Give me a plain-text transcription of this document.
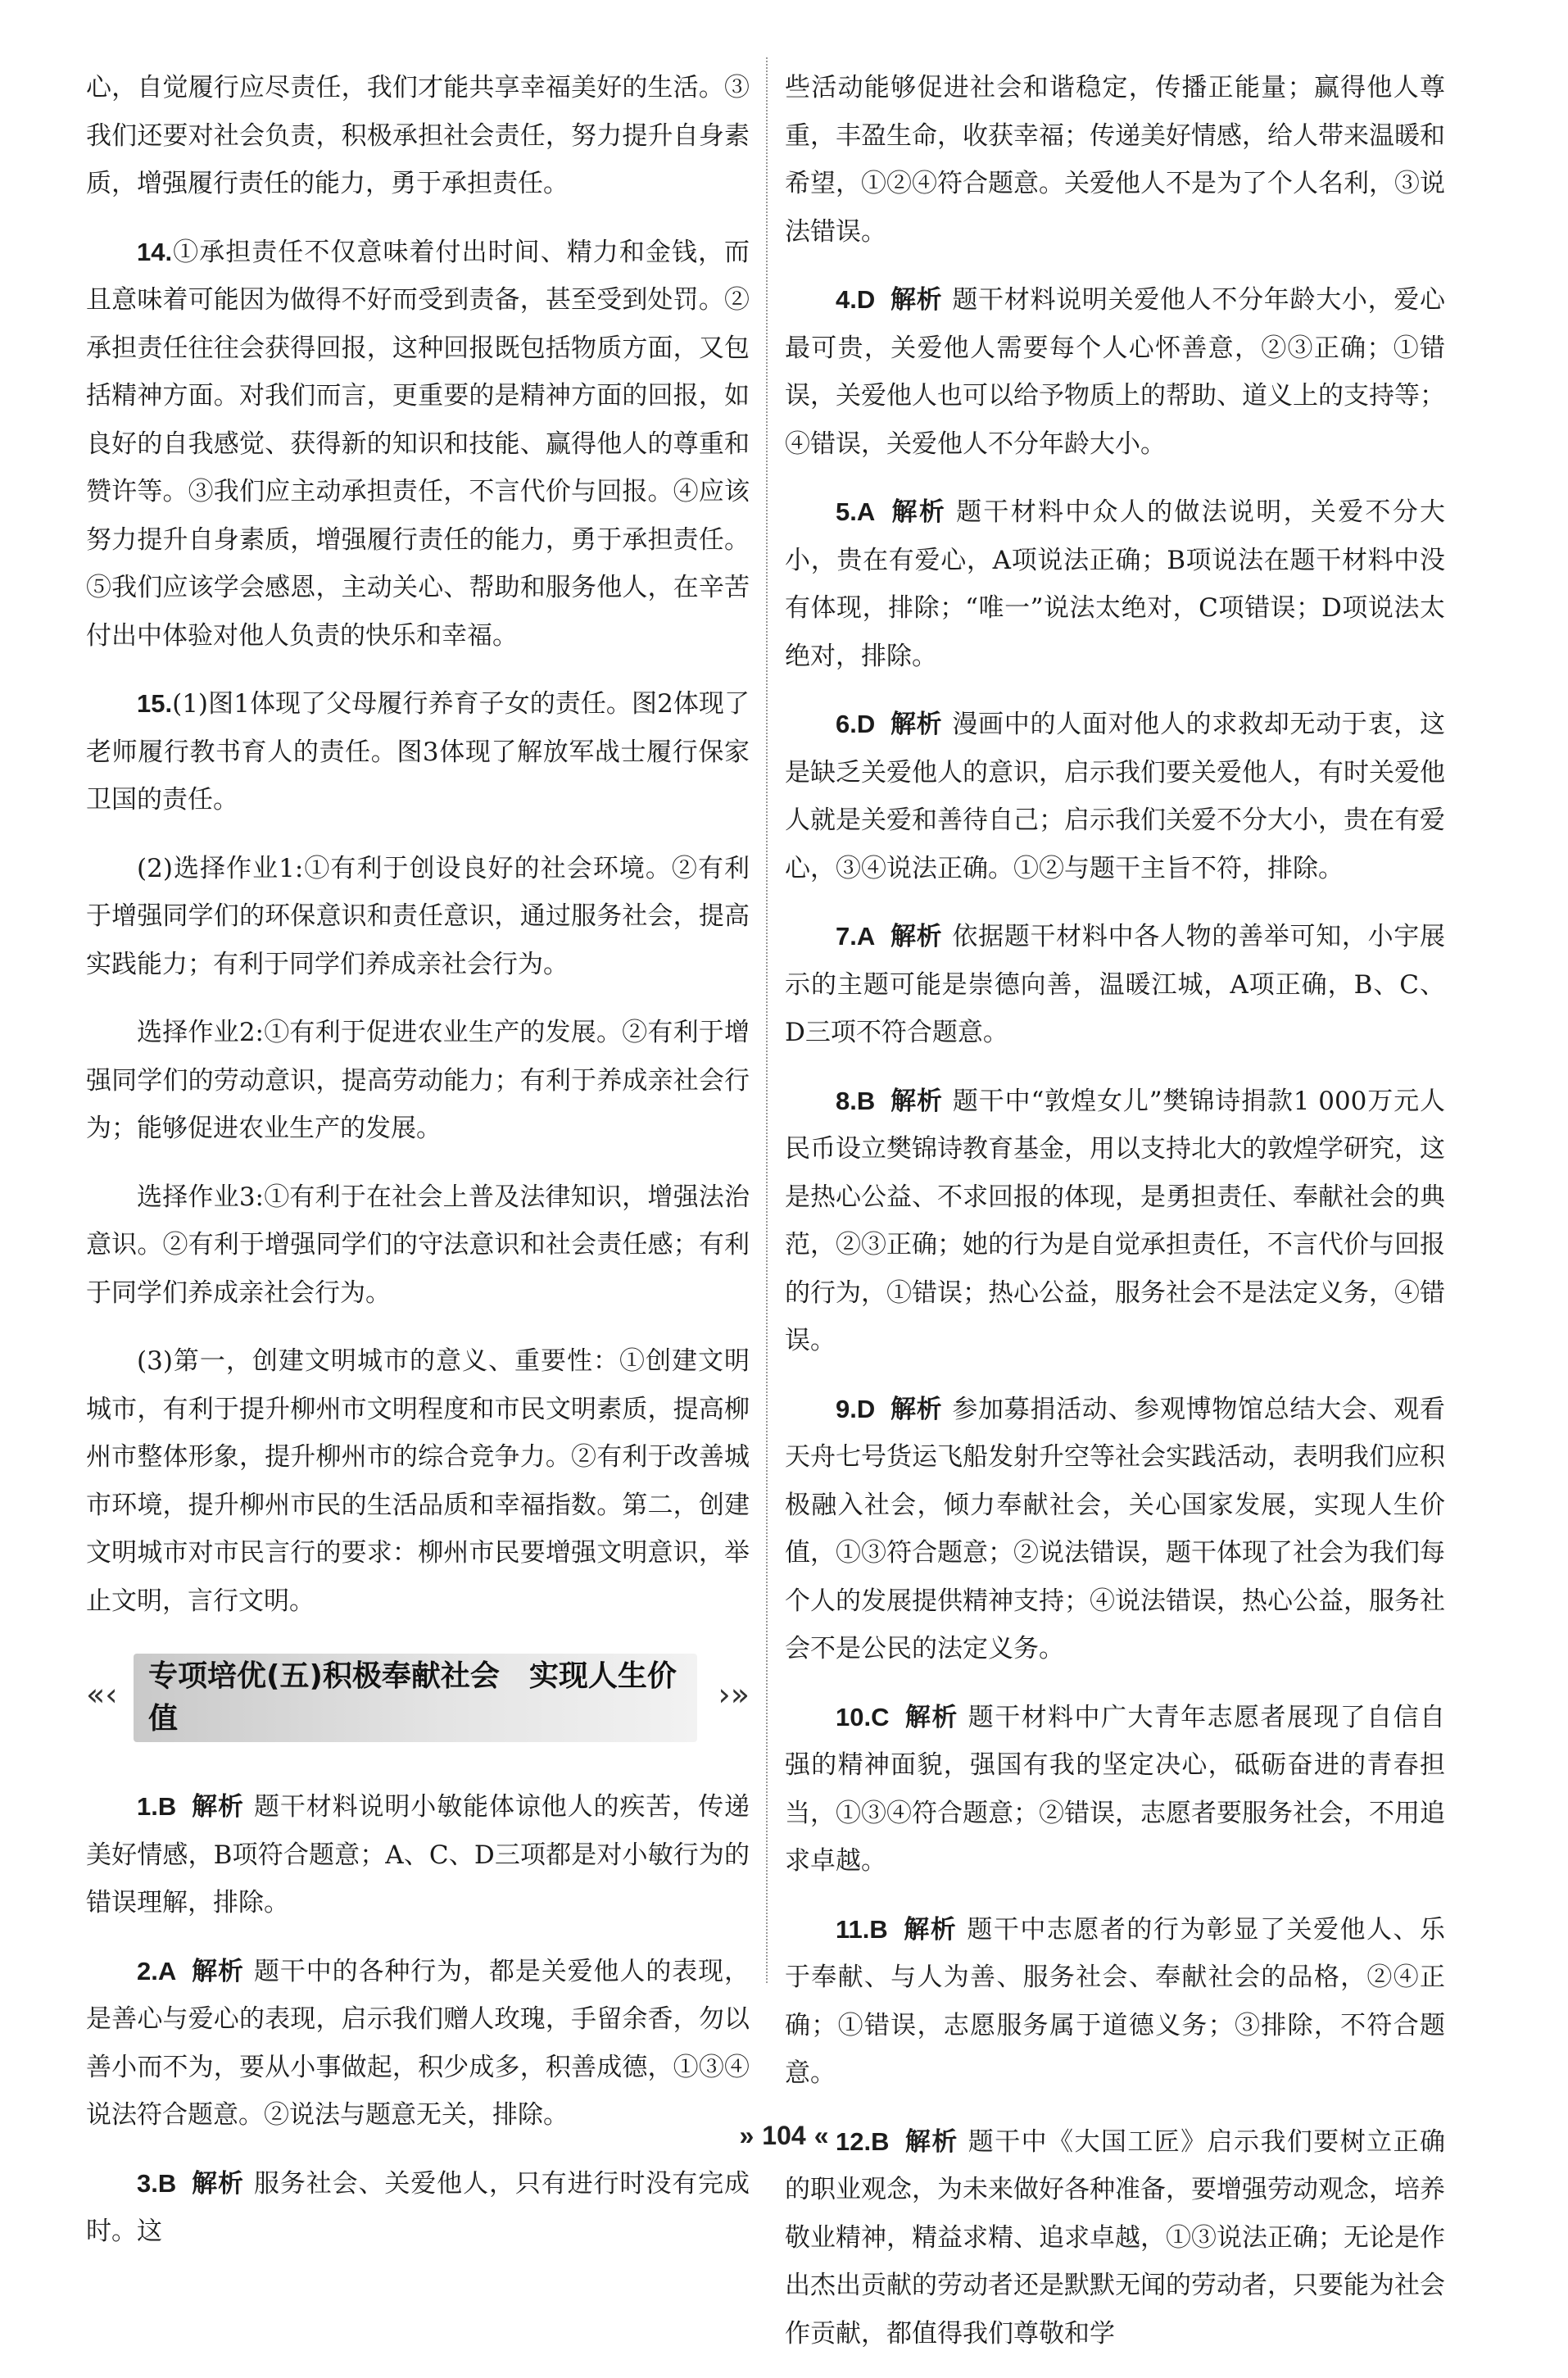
心，自觉履行应尽责任，我们才能共享幸福美好的生活。③我们还要对社会负责，积极承担社会责任，努力提升自身素质，增强履行责任的能力，勇于承担责任。

14.①承担责任不仅意味着付出时间、精力和金钱，而且意味着可能因为做得不好而受到责备，甚至受到处罚。②承担责任往往会获得回报，这种回报既包括物质方面，又包括精神方面。对我们而言，更重要的是精神方面的回报，如良好的自我感觉、获得新的知识和技能、赢得他人的尊重和赞许等。③我们应主动承担责任，不言代价与回报。④应该努力提升自身素质，增强履行责任的能力，勇于承担责任。⑤我们应该学会感恩，主动关心、帮助和服务他人，在辛苦付出中体验对他人负责的快乐和幸福。

15.(1)图1体现了父母履行养育子女的责任。图2体现了老师履行教书育人的责任。图3体现了解放军战士履行保家卫国的责任。

(2)选择作业1:①有利于创设良好的社会环境。②有利于增强同学们的环保意识和责任意识，通过服务社会，提高实践能力；有利于同学们养成亲社会行为。

选择作业2:①有利于促进农业生产的发展。②有利于增强同学们的劳动意识，提高劳动能力；有利于养成亲社会行为；能够促进农业生产的发展。

选择作业3:①有利于在社会上普及法律知识，增强法治意识。②有利于增强同学们的守法意识和社会责任感；有利于同学们养成亲社会行为。

(3)第一，创建文明城市的意义、重要性：①创建文明城市，有利于提升柳州市文明程度和市民文明素质，提高柳州市整体形象，提升柳州市的综合竞争力。②有利于改善城市环境，提升柳州市民的生活品质和幸福指数。第二，创建文明城市对市民言行的要求：柳州市民要增强文明意识，举止文明，言行文明。

«‹
专项培优(五)积极奉献社会　实现人生价值
›»

1.B 解析 题干材料说明小敏能体谅他人的疾苦，传递美好情感，B项符合题意；A、C、D三项都是对小敏行为的错误理解，排除。

2.A 解析 题干中的各种行为，都是关爱他人的表现，是善心与爱心的表现，启示我们赠人玫瑰，手留余香，勿以善小而不为，要从小事做起，积少成多，积善成德，①③④说法符合题意。②说法与题意无关，排除。

3.B 解析 服务社会、关爱他人，只有进行时没有完成时。这

些活动能够促进社会和谐稳定，传播正能量；赢得他人尊重，丰盈生命，收获幸福；传递美好情感，给人带来温暖和希望，①②④符合题意。关爱他人不是为了个人名利，③说法错误。

4.D 解析 题干材料说明关爱他人不分年龄大小，爱心最可贵，关爱他人需要每个人心怀善意，②③正确；①错误，关爱他人也可以给予物质上的帮助、道义上的支持等；④错误，关爱他人不分年龄大小。

5.A 解析 题干材料中众人的做法说明，关爱不分大小，贵在有爱心，A项说法正确；B项说法在题干材料中没有体现，排除；“唯一”说法太绝对，C项错误；D项说法太绝对，排除。

6.D 解析 漫画中的人面对他人的求救却无动于衷，这是缺乏关爱他人的意识，启示我们要关爱他人，有时关爱他人就是关爱和善待自己；启示我们关爱不分大小，贵在有爱心，③④说法正确。①②与题干主旨不符，排除。

7.A 解析 依据题干材料中各人物的善举可知，小宇展示的主题可能是崇德向善，温暖江城，A项正确，B、C、D三项不符合题意。

8.B 解析 题干中“敦煌女儿”樊锦诗捐款1 000万元人民币设立樊锦诗教育基金，用以支持北大的敦煌学研究，这是热心公益、不求回报的体现，是勇担责任、奉献社会的典范，②③正确；她的行为是自觉承担责任，不言代价与回报的行为，①错误；热心公益，服务社会不是法定义务，④错误。

9.D 解析 参加募捐活动、参观博物馆总结大会、观看天舟七号货运飞船发射升空等社会实践活动，表明我们应积极融入社会，倾力奉献社会，关心国家发展，实现人生价值，①③符合题意；②说法错误，题干体现了社会为我们每个人的发展提供精神支持；④说法错误，热心公益，服务社会不是公民的法定义务。

10.C 解析 题干材料中广大青年志愿者展现了自信自强的精神面貌，强国有我的坚定决心，砥砺奋进的青春担当，①③④符合题意；②错误，志愿者要服务社会，不用追求卓越。

11.B 解析 题干中志愿者的行为彰显了关爱他人、乐于奉献、与人为善、服务社会、奉献社会的品格，②④正确；①错误，志愿服务属于道德义务；③排除，不符合题意。

12.B 解析 题干中《大国工匠》启示我们要树立正确的职业观念，为未来做好各种准备，要增强劳动观念，培养敬业精神，精益求精、追求卓越，①③说法正确；无论是作出杰出贡献的劳动者还是默默无闻的劳动者，只要能为社会作贡献，都值得我们尊敬和学

» 104 «
